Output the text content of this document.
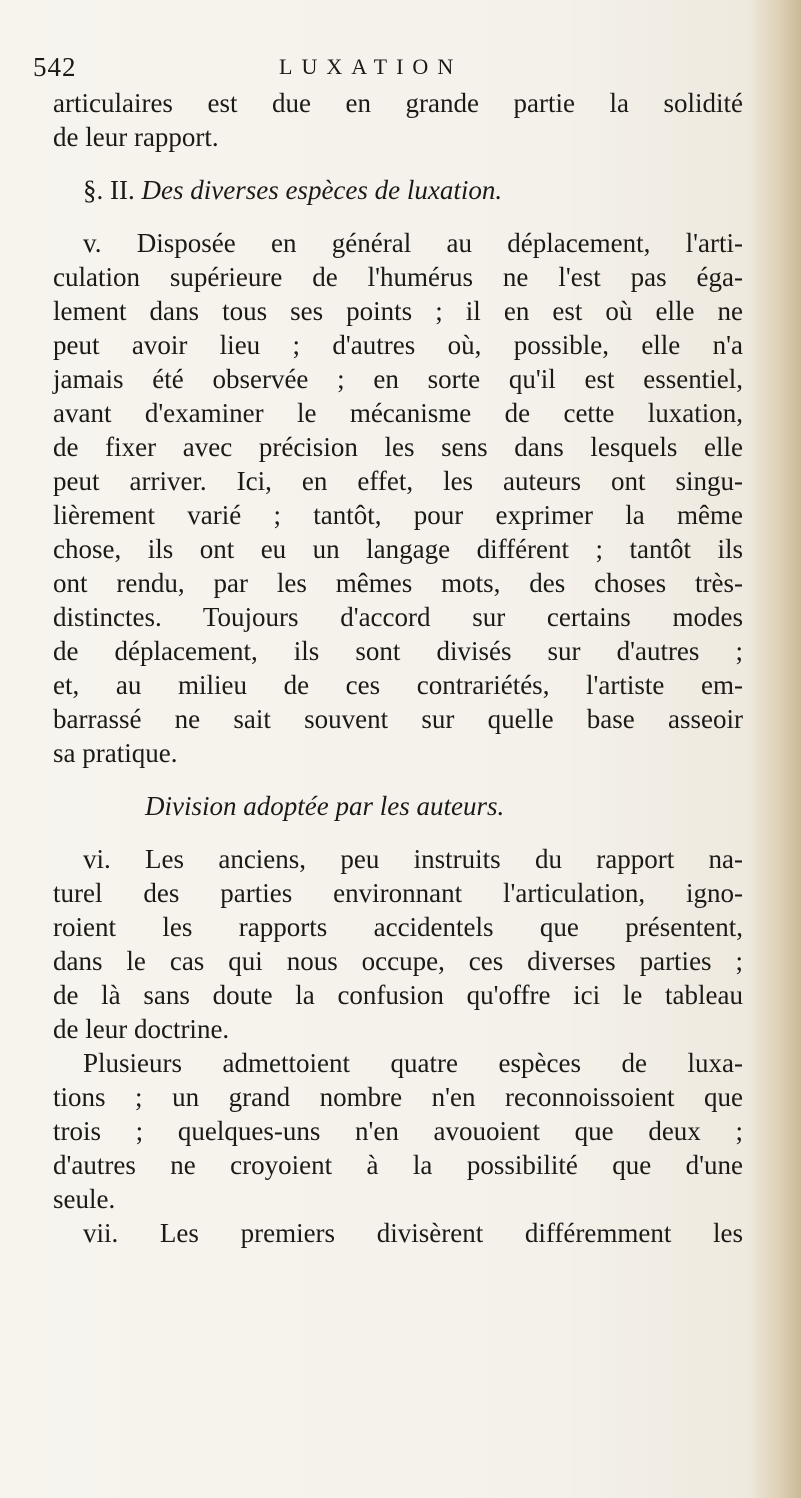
542	LUXATION
articulaires est due en grande partie la solidité
de leur rapport.
§. II. Des diverses espèces de luxation.
v. Disposée en général au déplacement, l'arti-
culation supérieure de l'humérus ne l'est pas éga-
lement dans tous ses points ; il en est où elle ne
peut avoir lieu ; d'autres où, possible, elle n'a
jamais été observée ; en sorte qu'il est essentiel,
avant d'examiner le mécanisme de cette luxation,
de fixer avec précision les sens dans lesquels elle
peut arriver. Ici, en effet, les auteurs ont singu-
lièrement varié ; tantôt, pour exprimer la même
chose, ils ont eu un langage différent ; tantôt ils
ont rendu, par les mêmes mots, des choses très-
distinctes. Toujours d'accord sur certains modes
de déplacement, ils sont divisés sur d'autres ;
et, au milieu de ces contrariétés, l'artiste em-
barrassé ne sait souvent sur quelle base asseoir
sa pratique.
Division adoptée par les auteurs.
vi. Les anciens, peu instruits du rapport na-
turel des parties environnant l'articulation, igno-
roient les rapports accidentels que présentent,
dans le cas qui nous occupe, ces diverses parties ;
de là sans doute la confusion qu'offre ici le tableau
de leur doctrine.
Plusieurs admettoient quatre espèces de luxa-
tions ; un grand nombre n'en reconnoissoient que
trois ; quelques-uns n'en avouoient que deux ;
d'autres ne croyoient à la possibilité que d'une
seule.
vii. Les premiers divisèrent différemment les
